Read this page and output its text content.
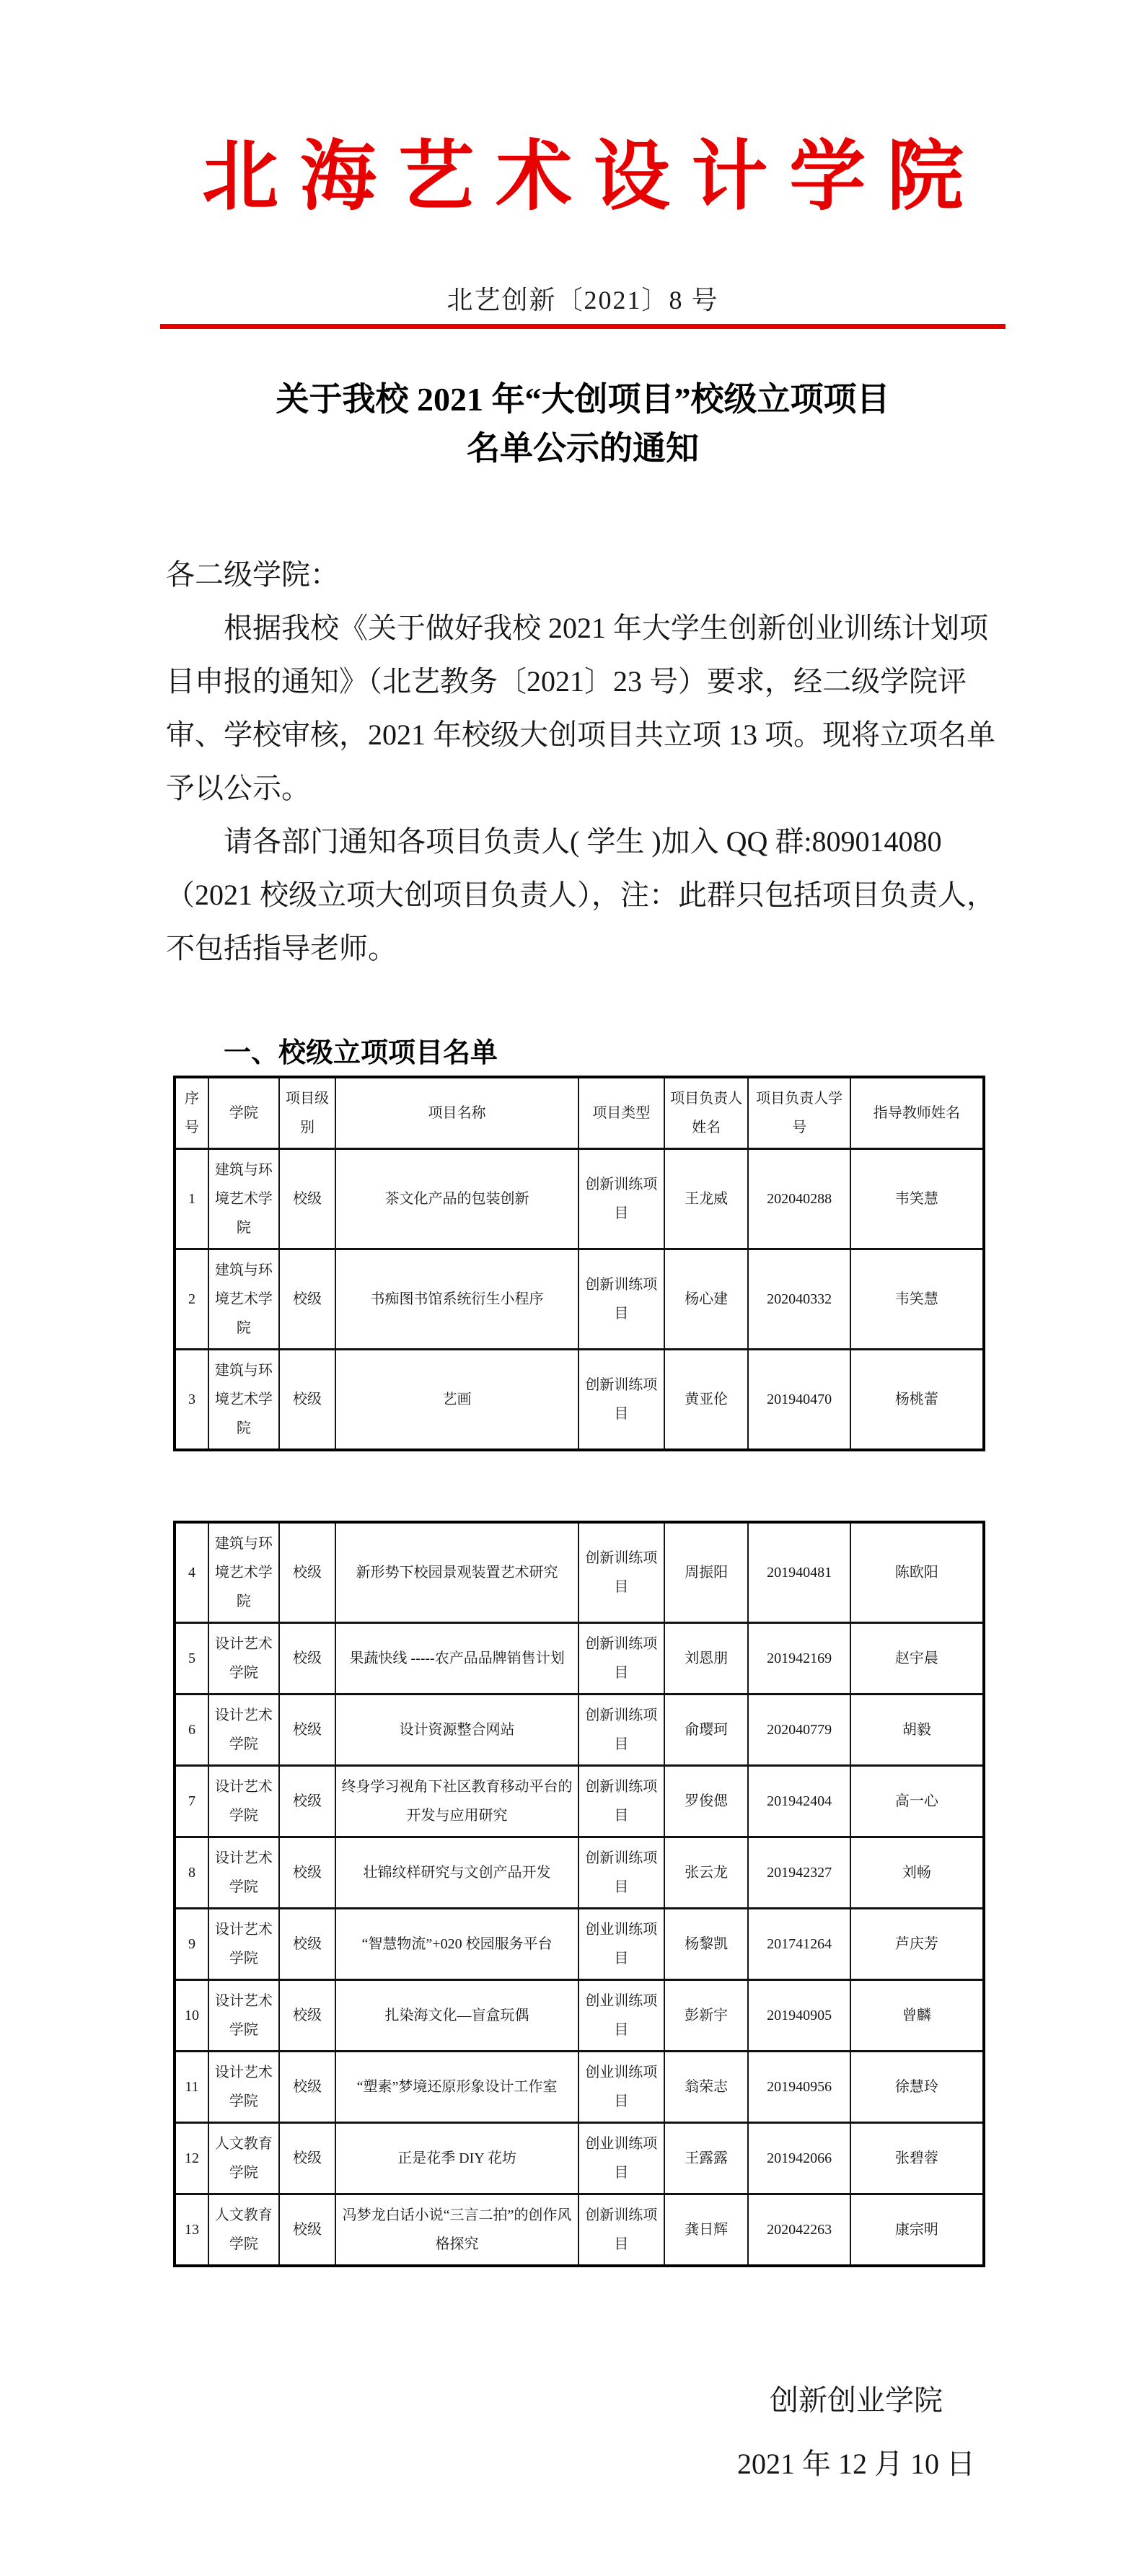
北海艺术设计学院
北艺创新〔2021〕8 号
关于我校 2021 年“大创项目”校级立项项目
名单公示的通知

各二级学院：

根据我校《关于做好我校 2021 年大学生创新创业训练计划项目申报的通知》（北艺教务〔2021〕23 号）要求，经二级学院评审、学校审核，2021 年校级大创项目共立项 13 项。现将立项名单予以公示。

请各部门通知各项目负责人( 学生 )加入 QQ 群:809014080（2021 校级立项大创项目负责人），注：此群只包括项目负责人，不包括指导老师。

一、校级立项项目名单
序号	学院	项目级别	项目名称	项目类型	项目负责人姓名	项目负责人学号	指导教师姓名
1	建筑与环境艺术学院	校级	茶文化产品的包装创新	创新训练项目	王龙威	202040288	韦笑慧
2	建筑与环境艺术学院	校级	书痴图书馆系统衍生小程序	创新训练项目	杨心建	202040332	韦笑慧
3	建筑与环境艺术学院	校级	艺画	创新训练项目	黄亚伦	201940470	杨桃蕾
4	建筑与环境艺术学院	校级	新形势下校园景观装置艺术研究	创新训练项目	周振阳	201940481	陈欧阳
5	设计艺术学院	校级	果蔬快线 -----农产品品牌销售计划	创新训练项目	刘恩朋	201942169	赵宇晨
6	设计艺术学院	校级	设计资源整合网站	创新训练项目	俞璎珂	202040779	胡毅
7	设计艺术学院	校级	终身学习视角下社区教育移动平台的开发与应用研究	创新训练项目	罗俊偲	201942404	高一心
8	设计艺术学院	校级	壮锦纹样研究与文创产品开发	创新训练项目	张云龙	201942327	刘畅
9	设计艺术学院	校级	“智慧物流”+020 校园服务平台	创业训练项目	杨黎凯	201741264	芦庆芳
10	设计艺术学院	校级	扎染海文化—盲盒玩偶	创业训练项目	彭新宇	201940905	曾麟
11	设计艺术学院	校级	“塑素”梦境还原形象设计工作室	创业训练项目	翁荣志	201940956	徐慧玲
12	人文教育学院	校级	正是花季 DIY 花坊	创业训练项目	王露露	201942066	张碧蓉
13	人文教育学院	校级	冯梦龙白话小说“三言二拍”的创作风格探究	创新训练项目	龚日辉	202042263	康宗明
创新创业学院
2021 年 12 月 10 日
